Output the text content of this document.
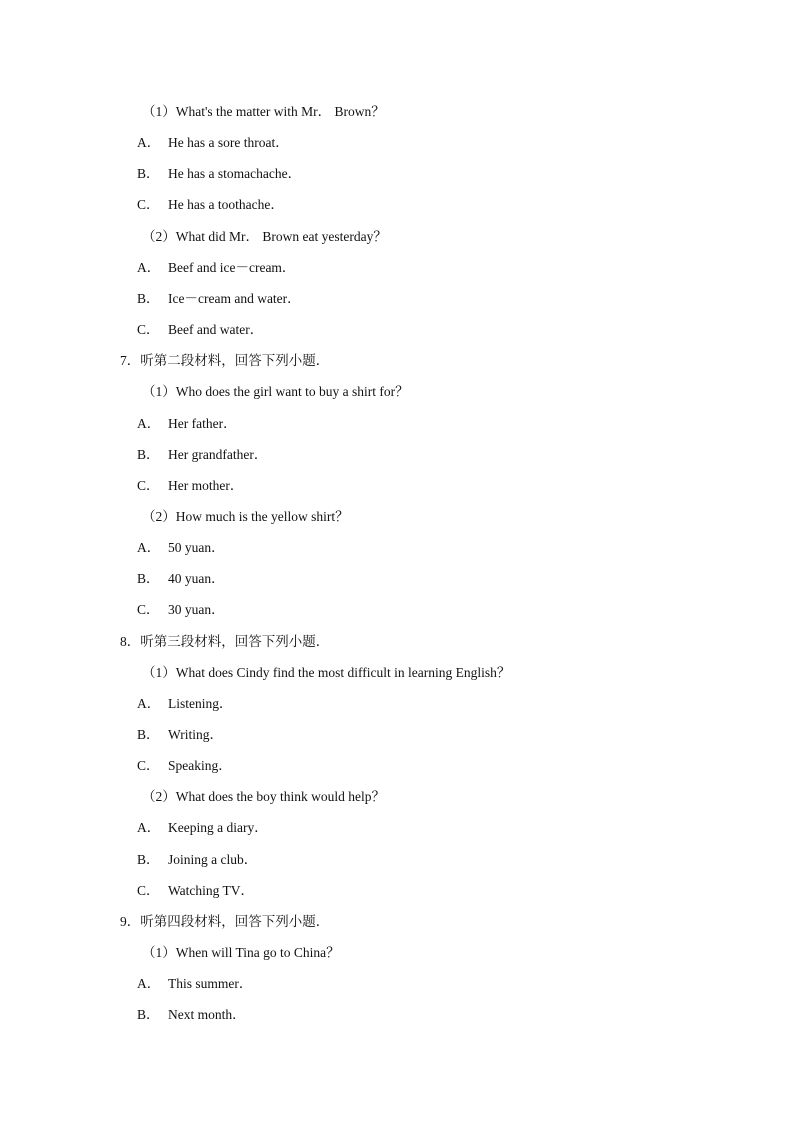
（1）What's the matter with Mr． Brown？
A． He has a sore throat．
B． He has a stomachache．
C． He has a toothache．
（2）What did Mr． Brown eat yesterday？
A． Beef and ice－cream．
B． Ice－cream and water．
C． Beef and water．
7．听第二段材料，回答下列小题．
（1）Who does the girl want to buy a shirt for？
A． Her father．
B． Her grandfather．
C． Her mother．
（2）How much is the yellow shirt？
A． 50 yuan．
B． 40 yuan．
C． 30 yuan．
8．听第三段材料，回答下列小题．
（1）What does Cindy find the most difficult in learning English？
A． Listening．
B． Writing．
C． Speaking．
（2）What does the boy think would help？
A． Keeping a diary．
B． Joining a club．
C． Watching TV．
9．听第四段材料，回答下列小题．
（1）When will Tina go to China？
A． This summer．
B． Next month．
